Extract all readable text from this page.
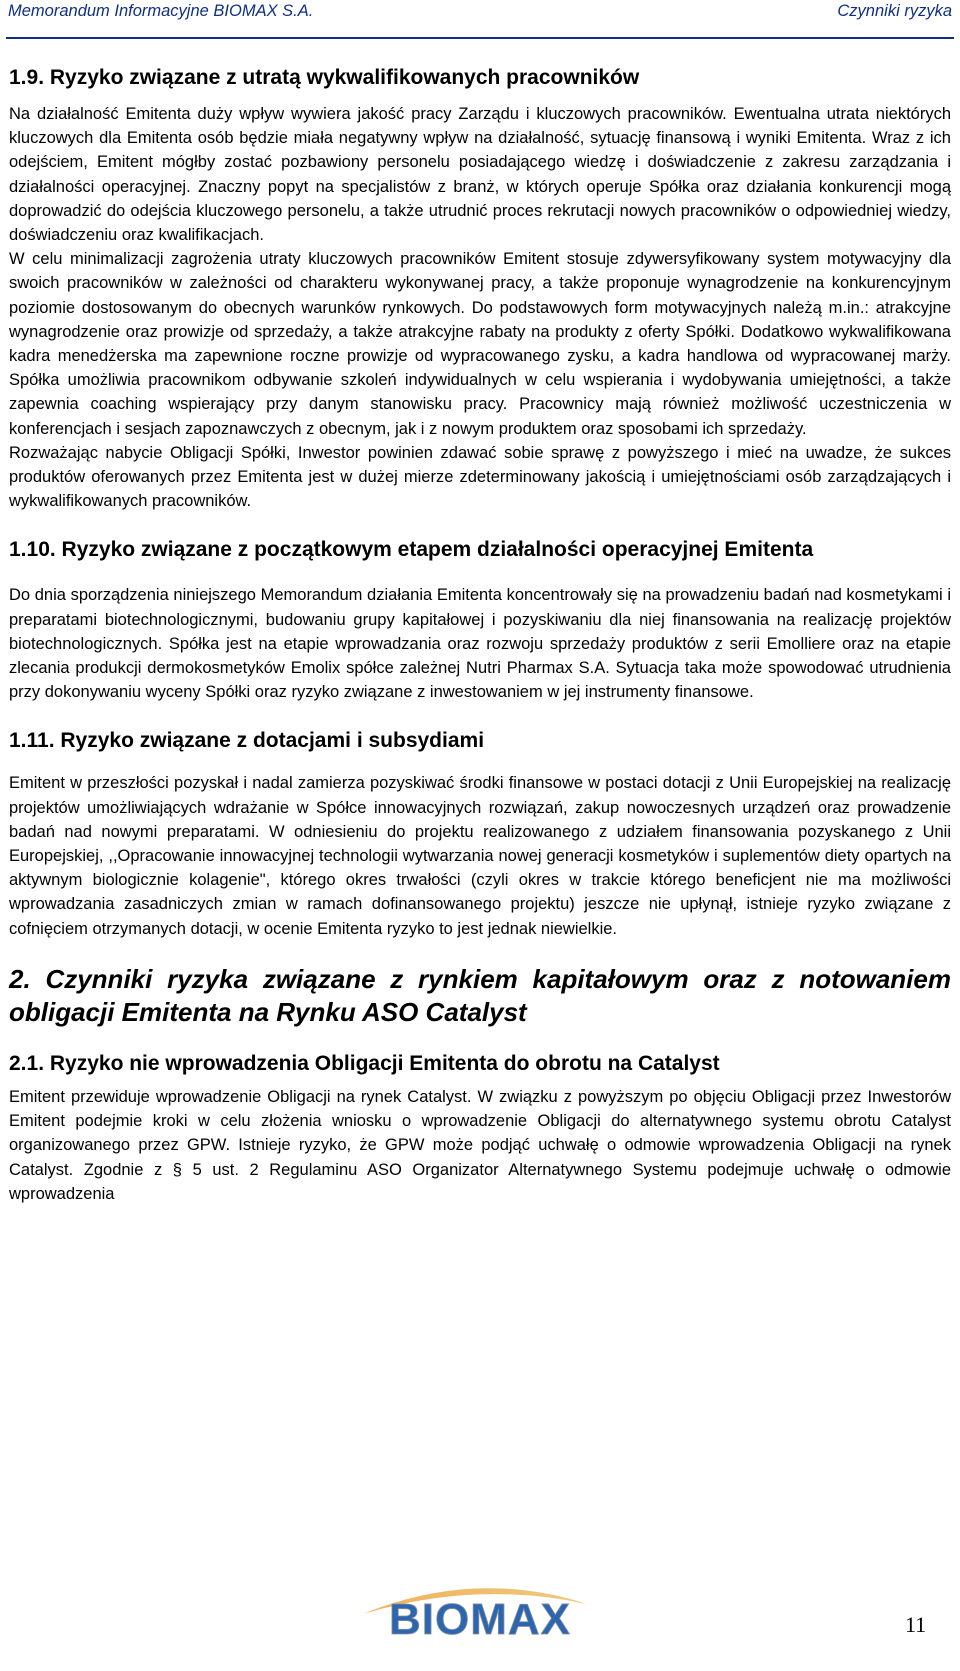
Memorandum Informacyjne BIOMAX S.A.	Czynniki ryzyka
1.9. Ryzyko związane z utratą wykwalifikowanych pracowników

Na działalność Emitenta duży wpływ wywiera jakość pracy Zarządu i kluczowych pracowników. Ewentualna utrata niektórych kluczowych dla Emitenta osób będzie miała negatywny wpływ na działalność, sytuację finansową i wyniki Emitenta. Wraz z ich odejściem, Emitent mógłby zostać pozbawiony personelu posiadającego wiedzę i doświadczenie z zakresu zarządzania i działalności operacyjnej. Znaczny popyt na specjalistów z branż, w których operuje Spółka oraz działania konkurencji mogą doprowadzić do odejścia kluczowego personelu, a także utrudnić proces rekrutacji nowych pracowników o odpowiedniej wiedzy, doświadczeniu oraz kwalifikacjach.

W celu minimalizacji zagrożenia utraty kluczowych pracowników Emitent stosuje zdywersyfikowany system motywacyjny dla swoich pracowników w zależności od charakteru wykonywanej pracy, a także proponuje wynagrodzenie na konkurencyjnym poziomie dostosowanym do obecnych warunków rynkowych. Do podstawowych form motywacyjnych należą m.in.: atrakcyjne wynagrodzenie oraz prowizje od sprzedaży, a także atrakcyjne rabaty na produkty z oferty Spółki. Dodatkowo wykwalifikowana kadra menedżerska ma zapewnione roczne prowizje od wypracowanego zysku, a kadra handlowa od wypracowanej marży. Spółka umożliwia pracownikom odbywanie szkoleń indywidualnych w celu wspierania i wydobywania umiejętności, a także zapewnia coaching wspierający przy danym stanowisku pracy. Pracownicy mają również możliwość uczestniczenia w konferencjach i sesjach zapoznawczych z obecnym, jak i z nowym produktem oraz sposobami ich sprzedaży.

Rozważając nabycie Obligacji Spółki, Inwestor powinien zdawać sobie sprawę z powyższego i mieć na uwadze, że sukces produktów oferowanych przez Emitenta jest w dużej mierze zdeterminowany jakością i umiejętnościami osób zarządzających i wykwalifikowanych pracowników.

1.10. Ryzyko związane z początkowym etapem działalności operacyjnej Emitenta

Do dnia sporządzenia niniejszego Memorandum działania Emitenta koncentrowały się na prowadzeniu badań nad kosmetykami i preparatami biotechnologicznymi, budowaniu grupy kapitałowej i pozyskiwaniu dla niej finansowania na realizację projektów biotechnologicznych. Spółka jest na etapie wprowadzania oraz rozwoju sprzedaży produktów z serii Emolliere oraz na etapie zlecania produkcji dermokosmetyków Emolix spółce zależnej Nutri Pharmax S.A. Sytuacja taka może spowodować utrudnienia przy dokonywaniu wyceny Spółki oraz ryzyko związane z inwestowaniem w jej instrumenty finansowe.

1.11. Ryzyko związane z dotacjami i subsydiami

Emitent w przeszłości pozyskał i nadal zamierza pozyskiwać środki finansowe w postaci dotacji z Unii Europejskiej na realizację projektów umożliwiających wdrażanie w Spółce innowacyjnych rozwiązań, zakup nowoczesnych urządzeń oraz prowadzenie badań nad nowymi preparatami. W odniesieniu do projektu realizowanego z udziałem finansowania pozyskanego z Unii Europejskiej, ,,Opracowanie innowacyjnej technologii wytwarzania nowej generacji kosmetyków i suplementów diety opartych na aktywnym biologicznie kolagenie", którego okres trwałości (czyli okres w trakcie którego beneficjent nie ma możliwości wprowadzania zasadniczych zmian w ramach dofinansowanego projektu) jeszcze nie upłynął, istnieje ryzyko związane z cofnięciem otrzymanych dotacji, w ocenie Emitenta ryzyko to jest jednak niewielkie.

2. Czynniki ryzyka związane z rynkiem kapitałowym oraz z notowaniem obligacji Emitenta na Rynku ASO Catalyst
2.1. Ryzyko nie wprowadzenia Obligacji Emitenta do obrotu na Catalyst

Emitent przewiduje wprowadzenie Obligacji na rynek Catalyst. W związku z powyższym po objęciu Obligacji przez Inwestorów Emitent podejmie kroki w celu złożenia wniosku o wprowadzenie Obligacji do alternatywnego systemu obrotu Catalyst organizowanego przez GPW. Istnieje ryzyko, że GPW może podjąć uchwałę o odmowie wprowadzenia Obligacji na rynek Catalyst. Zgodnie z § 5 ust. 2 Regulaminu ASO Organizator Alternatywnego Systemu podejmuje uchwałę o odmowie wprowadzenia

BIOMAX	11
